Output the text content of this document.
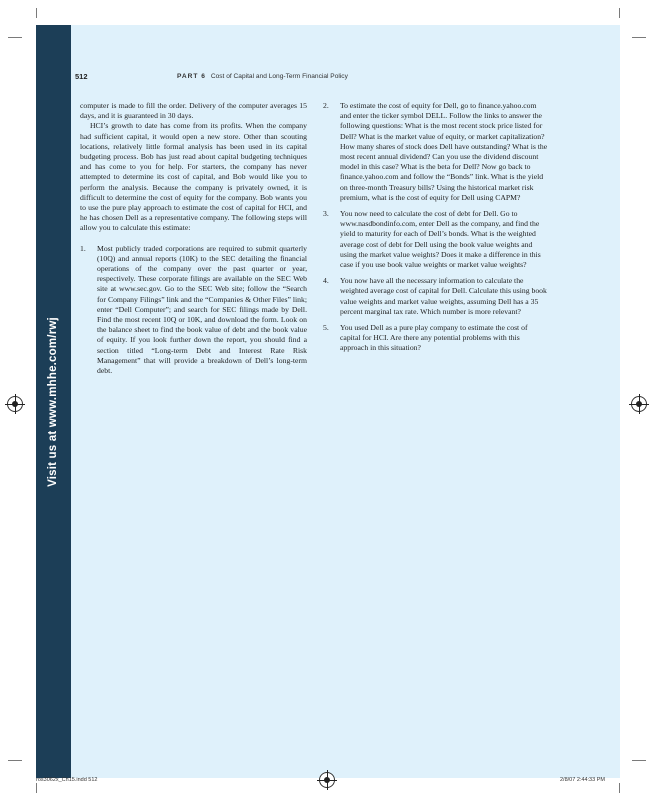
Visit us at www.mhhe.com/rwj
512	PART 6 Cost of Capital and Long-Term Financial Policy

computer is made to fill the order. Delivery of the computer averages 15 days, and it is guaranteed in 30 days.

HCI’s growth to date has come from its profits. When the company had sufficient capital, it would open a new store. Other than scouting locations, relatively little formal analysis has been used in its capital budgeting process. Bob has just read about capital budgeting techniques and has come to you for help. For starters, the company has never attempted to determine its cost of capital, and Bob would like you to perform the analysis. Because the company is privately owned, it is difficult to determine the cost of equity for the company. Bob wants you to use the pure play approach to estimate the cost of capital for HCI, and he has chosen Dell as a representative company. The following steps will allow you to calculate this estimate:

1. Most publicly traded corporations are required to submit quarterly (10Q) and annual reports (10K) to the SEC detailing the financial operations of the company over the past quarter or year, respectively. These corporate filings are available on the SEC Web site at www.sec.gov. Go to the SEC Web site; follow the “Search for Company Filings” link and the “Companies & Other Files” link; enter “Dell Computer”; and search for SEC filings made by Dell. Find the most recent 10Q or 10K, and download the form. Look on the balance sheet to find the book value of debt and the book value of equity. If you look further down the report, you should find a section titled “Long-term Debt and Interest Rate Risk Management” that will provide a breakdown of Dell’s long-term debt.

2. To estimate the cost of equity for Dell, go to finance.yahoo.com and enter the ticker symbol DELL. Follow the links to answer the following questions: What is the most recent stock price listed for Dell? What is the market value of equity, or market capitalization? How many shares of stock does Dell have outstanding? What is the most recent annual dividend? Can you use the dividend discount model in this case? What is the beta for Dell? Now go back to finance.yahoo.com and follow the “Bonds” link. What is the yield on three-month Treasury bills? Using the historical market risk premium, what is the cost of equity for Dell using CAPM?

3. You now need to calculate the cost of debt for Dell. Go to www.nasdbondinfo.com, enter Dell as the company, and find the yield to maturity for each of Dell’s bonds. What is the weighted average cost of debt for Dell using the book value weights and using the market value weights? Does it make a difference in this case if you use book value weights or market value weights?

4. You now have all the necessary information to calculate the weighted average cost of capital for Dell. Calculate this using book value weights and market value weights, assuming Dell has a 35 percent marginal tax rate. Which number is more relevant?

5. You used Dell as a pure play company to estimate the cost of capital for HCI. Are there any potential problems with this approach in this situation?

ros3062x_Ch15.indd 512	2/8/07 2:44:33 PM
